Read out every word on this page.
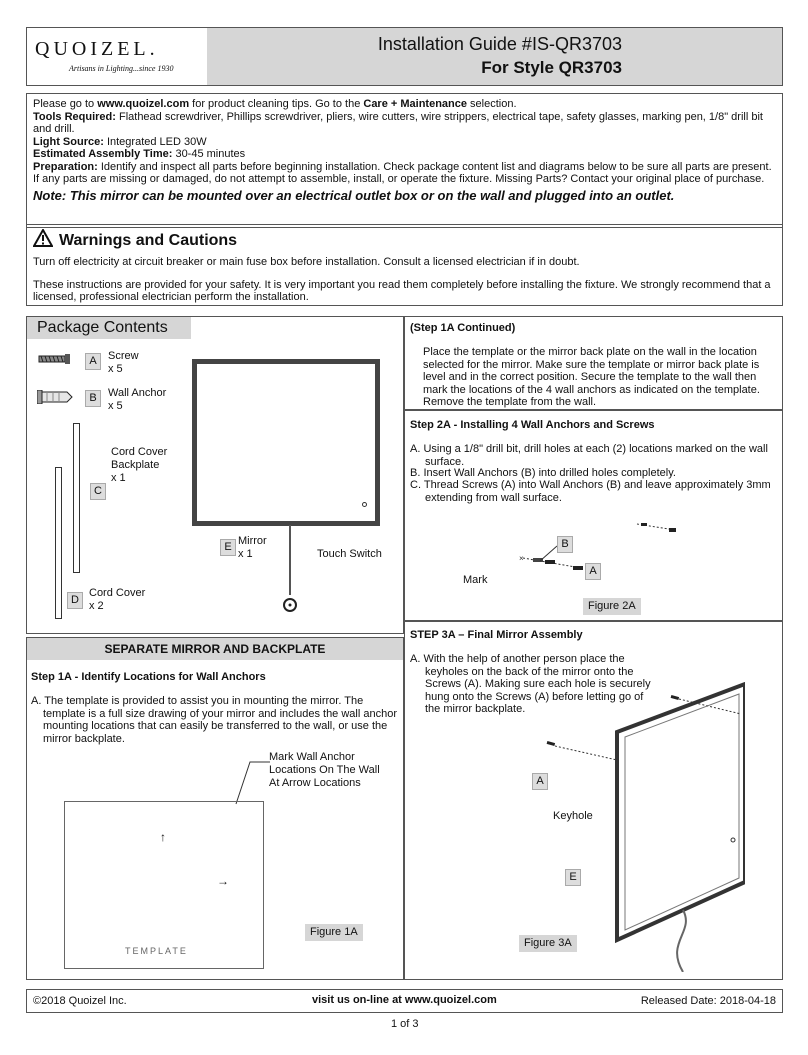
QUOIZEL.
Artisans in Lighting...since 1930
Installation Guide #IS-QR3703
For Style QR3703

Please go to www.quoizel.com for product cleaning tips. Go to the Care + Maintenance selection.

Tools Required: Flathead screwdriver, Phillips screwdriver, pliers, wire cutters, wire strippers, electrical tape, safety glasses, marking pen, 1/8" drill bit and drill.

Light Source: Integrated LED 30W

Estimated Assembly Time: 30-45 minutes

Preparation: Identify and inspect all parts before beginning installation. Check package content list and diagrams below to be sure all parts are present. If any parts are missing or damaged, do not attempt to assemble, install, or operate the fixture. Missing Parts? Contact your original place of purchase.

Note: This mirror can be mounted over an electrical outlet box or on the wall and plugged into an outlet.

Warnings and Cautions

Turn off electricity at circuit breaker or main fuse box before installation. Consult a licensed electrician if in doubt.

These instructions are provided for your safety. It is very important you read them completely before installing the fixture. We strongly recommend that a licensed, professional electrician perform the installation.

Package Contents
A	Screw
x 5
B	Wall Anchor
x 5
C
Cord Cover
Backplate
x 1
D
Cord Cover
x 2
E Mirror
x 1	Touch Switch
SEPARATE MIRROR AND BACKPLATE
Step 1A - Identify Locations for Wall Anchors

A. The template is provided to assist you in mounting the mirror. The template is a full size drawing of your mirror and includes the wall anchor mounting locations that can easily be transferred to the wall, or use the mirror backplate.

Mark Wall Anchor
Locations On The Wall
At Arrow Locations
↑
→
TEMPLATE
Figure 1A
(Step 1A Continued)

Place the template or the mirror back plate on the wall in the location selected for the mirror. Make sure the template or mirror back plate is level and in the correct position. Secure the template to the wall then mark the locations of the 4 wall anchors as indicated on the template. Remove the template from the wall.

Step 2A - Installing 4 Wall Anchors and Screws

A. Using a 1/8" drill bit, drill holes at each (2) locations marked on the wall surface.

B. Insert Wall Anchors (B) into drilled holes completely.

C. Thread Screws (A) into Wall Anchors (B) and leave approximately 3mm extending from wall surface.

×
B
A
Mark
Figure 2A
STEP 3A – Final Mirror Assembly

A. With the help of another person place the keyholes on the back of the mirror onto the Screws (A). Making sure each hole is securely hung onto the Screws (A) before letting go of the mirror backplate.

A
Keyhole
E
Figure 3A
©2018 Quoizel Inc.	visit us on-line at www.quoizel.com	Released Date: 2018-04-18
1 of 3
